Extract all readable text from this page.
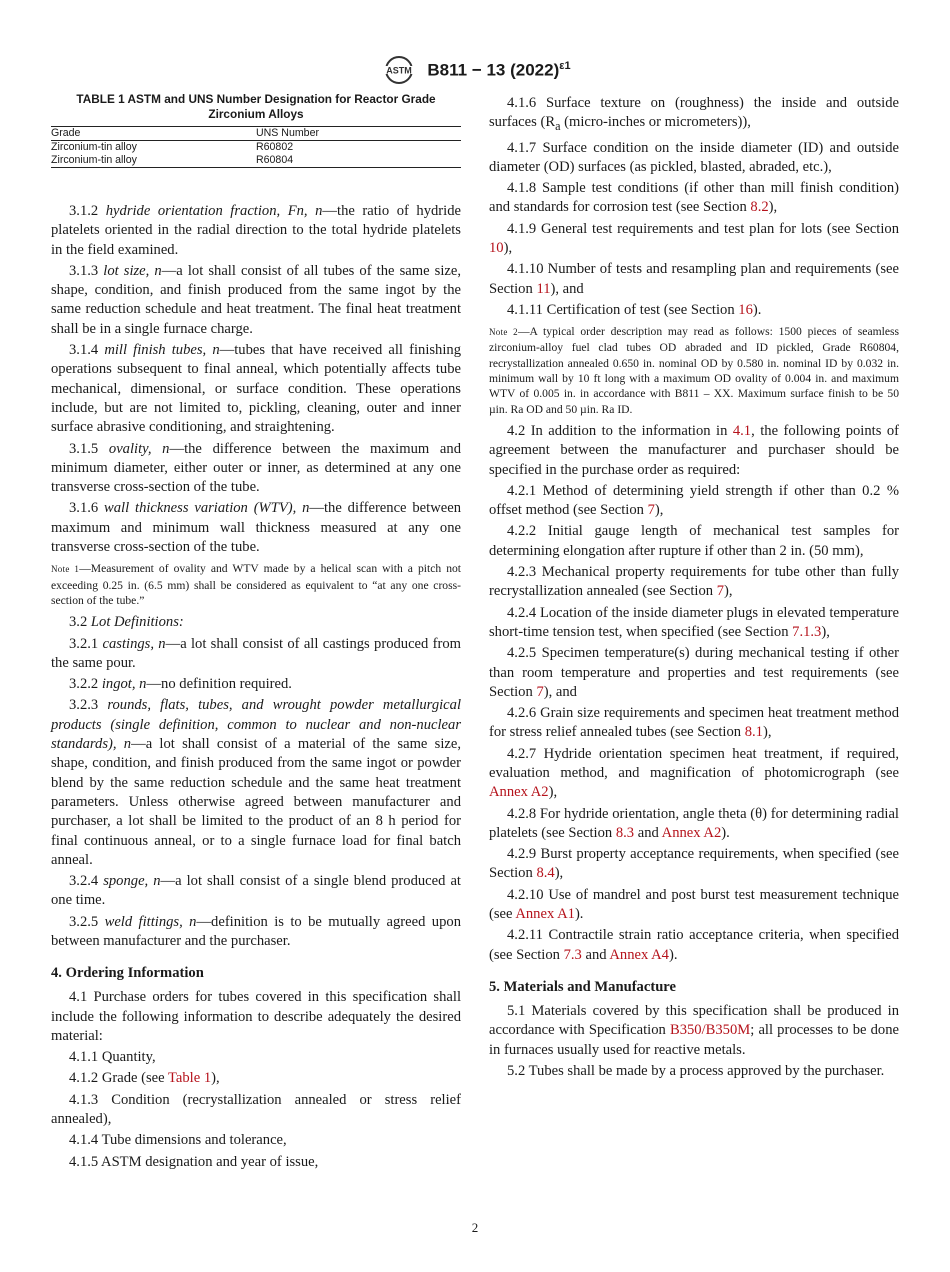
ASTM B811 − 13 $(2022)^{\varepsilon 1}$
TABLE 1 ASTM and UNS Number Designation for Reactor Grade Zirconium Alloys
Grade	UNS Number
Zirconium-tin alloy	R60802
Zirconium-tin alloy	R60804

3.1.2 hydride orientation fraction, Fn, n—the ratio of hydride platelets oriented in the radial direction to the total hydride platelets in the field examined.

3.1.3 lot size, n—a lot shall consist of all tubes of the same size, shape, condition, and finish produced from the same ingot by the same reduction schedule and heat treatment. The final heat treatment shall be in a single furnace charge.

3.1.4 mill finish tubes, n—tubes that have received all finishing operations subsequent to final anneal, which potentially affects tube mechanical, dimensional, or surface condition. These operations include, but are not limited to, pickling, cleaning, outer and inner surface abrasive conditioning, and straightening.

3.1.5 ovality, n—the difference between the maximum and minimum diameter, either outer or inner, as determined at any one transverse cross-section of the tube.

3.1.6 wall thickness variation (WTV), n—the difference between maximum and minimum wall thickness measured at any one transverse cross-section of the tube.

Note 1—Measurement of ovality and WTV made by a helical scan with a pitch not exceeding 0.25 in. (6.5 mm) shall be considered as equivalent to “at any one cross-section of the tube.”

3.2 Lot Definitions:

3.2.1 castings, n—a lot shall consist of all castings produced from the same pour.

3.2.2 ingot, n—no definition required.

3.2.3 rounds, flats, tubes, and wrought powder metallurgical products (single definition, common to nuclear and non-nuclear standards), n—a lot shall consist of a material of the same size, shape, condition, and finish produced from the same ingot or powder blend by the same reduction schedule and the same heat treatment parameters. Unless otherwise agreed between manufacturer and purchaser, a lot shall be limited to the product of an 8 h period for final continuous anneal, or to a single furnace load for final batch anneal.

3.2.4 sponge, n—a lot shall consist of a single blend produced at one time.

3.2.5 weld fittings, n—definition is to be mutually agreed upon between manufacturer and the purchaser.

4. Ordering Information

4.1 Purchase orders for tubes covered in this specification shall include the following information to describe adequately the desired material:

4.1.1 Quantity,

4.1.2 Grade (see Table 1),

4.1.3 Condition (recrystallization annealed or stress relief annealed),

4.1.4 Tube dimensions and tolerance,

4.1.5 ASTM designation and year of issue,

4.1.6 Surface texture on (roughness) the inside and outside surfaces ($R_a$ (micro-inches or micrometers)),

4.1.7 Surface condition on the inside diameter (ID) and outside diameter (OD) surfaces (as pickled, blasted, abraded, etc.),

4.1.8 Sample test conditions (if other than mill finish condition) and standards for corrosion test (see Section 8.2),

4.1.9 General test requirements and test plan for lots (see Section 10),

4.1.10 Number of tests and resampling plan and requirements (see Section 11), and

4.1.11 Certification of test (see Section 16).

Note 2—A typical order description may read as follows: 1500 pieces of seamless zirconium-alloy fuel clad tubes OD abraded and ID pickled, Grade R60804, recrystallization annealed 0.650 in. nominal OD by 0.580 in. nominal ID by 0.032 in. minimum wall by 10 ft long with a maximum OD ovality of 0.004 in. and maximum WTV of 0.005 in. in accordance with B811 – XX. Maximum surface finish to be 50 µin. Ra OD and 50 µin. Ra ID.

4.2 In addition to the information in 4.1, the following points of agreement between the manufacturer and purchaser should be specified in the purchase order as required:

4.2.1 Method of determining yield strength if other than 0.2 % offset method (see Section 7),

4.2.2 Initial gauge length of mechanical test samples for determining elongation after rupture if other than 2 in. (50 mm),

4.2.3 Mechanical property requirements for tube other than fully recrystallization annealed (see Section 7),

4.2.4 Location of the inside diameter plugs in elevated temperature short-time tension test, when specified (see Section 7.1.3),

4.2.5 Specimen temperature(s) during mechanical testing if other than room temperature and properties and test requirements (see Section 7), and

4.2.6 Grain size requirements and specimen heat treatment method for stress relief annealed tubes (see Section 8.1),

4.2.7 Hydride orientation specimen heat treatment, if required, evaluation method, and magnification of photomicrograph (see Annex A2),

4.2.8 For hydride orientation, angle theta (θ) for determining radial platelets (see Section 8.3 and Annex A2).

4.2.9 Burst property acceptance requirements, when specified (see Section 8.4),

4.2.10 Use of mandrel and post burst test measurement technique (see Annex A1).

4.2.11 Contractile strain ratio acceptance criteria, when specified (see Section 7.3 and Annex A4).

5. Materials and Manufacture

5.1 Materials covered by this specification shall be produced in accordance with Specification B350/B350M; all processes to be done in furnaces usually used for reactive metals.

5.2 Tubes shall be made by a process approved by the purchaser.

2
